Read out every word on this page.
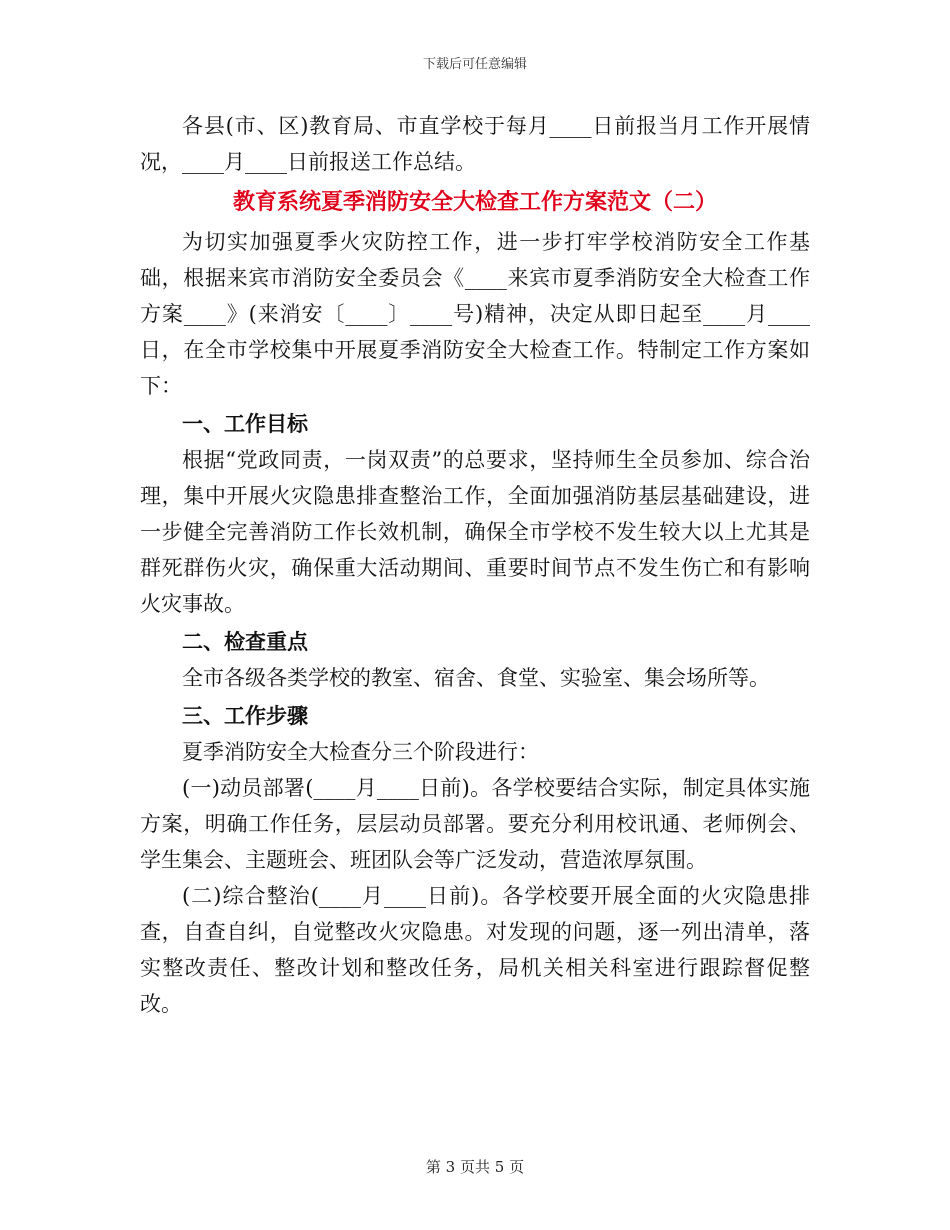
下载后可任意编辑

各县(市、区)教育局、市直学校于每月____日前报当月工作开展情况，____月____日前报送工作总结。

教育系统夏季消防安全大检查工作方案范文（二）

为切实加强夏季火灾防控工作，进一步打牢学校消防安全工作基础，根据来宾市消防安全委员会《____来宾市夏季消防安全大检查工作方案____》(来消安〔____〕____号)精神，决定从即日起至____月____日，在全市学校集中开展夏季消防安全大检查工作。特制定工作方案如下：

一、工作目标

根据“党政同责，一岗双责”的总要求，坚持师生全员参加、综合治理，集中开展火灾隐患排查整治工作，全面加强消防基层基础建设，进一步健全完善消防工作长效机制，确保全市学校不发生较大以上尤其是群死群伤火灾，确保重大活动期间、重要时间节点不发生伤亡和有影响火灾事故。

二、检查重点

全市各级各类学校的教室、宿舍、食堂、实验室、集会场所等。

三、工作步骤

夏季消防安全大检查分三个阶段进行：

(一)动员部署(____月____日前)。各学校要结合实际，制定具体实施方案，明确工作任务，层层动员部署。要充分利用校讯通、老师例会、学生集会、主题班会、班团队会等广泛发动，营造浓厚氛围。

(二)综合整治(____月____日前)。各学校要开展全面的火灾隐患排查，自查自纠，自觉整改火灾隐患。对发现的问题，逐一列出清单，落实整改责任、整改计划和整改任务，局机关相关科室进行跟踪督促整改。

第 3 页共 5 页
